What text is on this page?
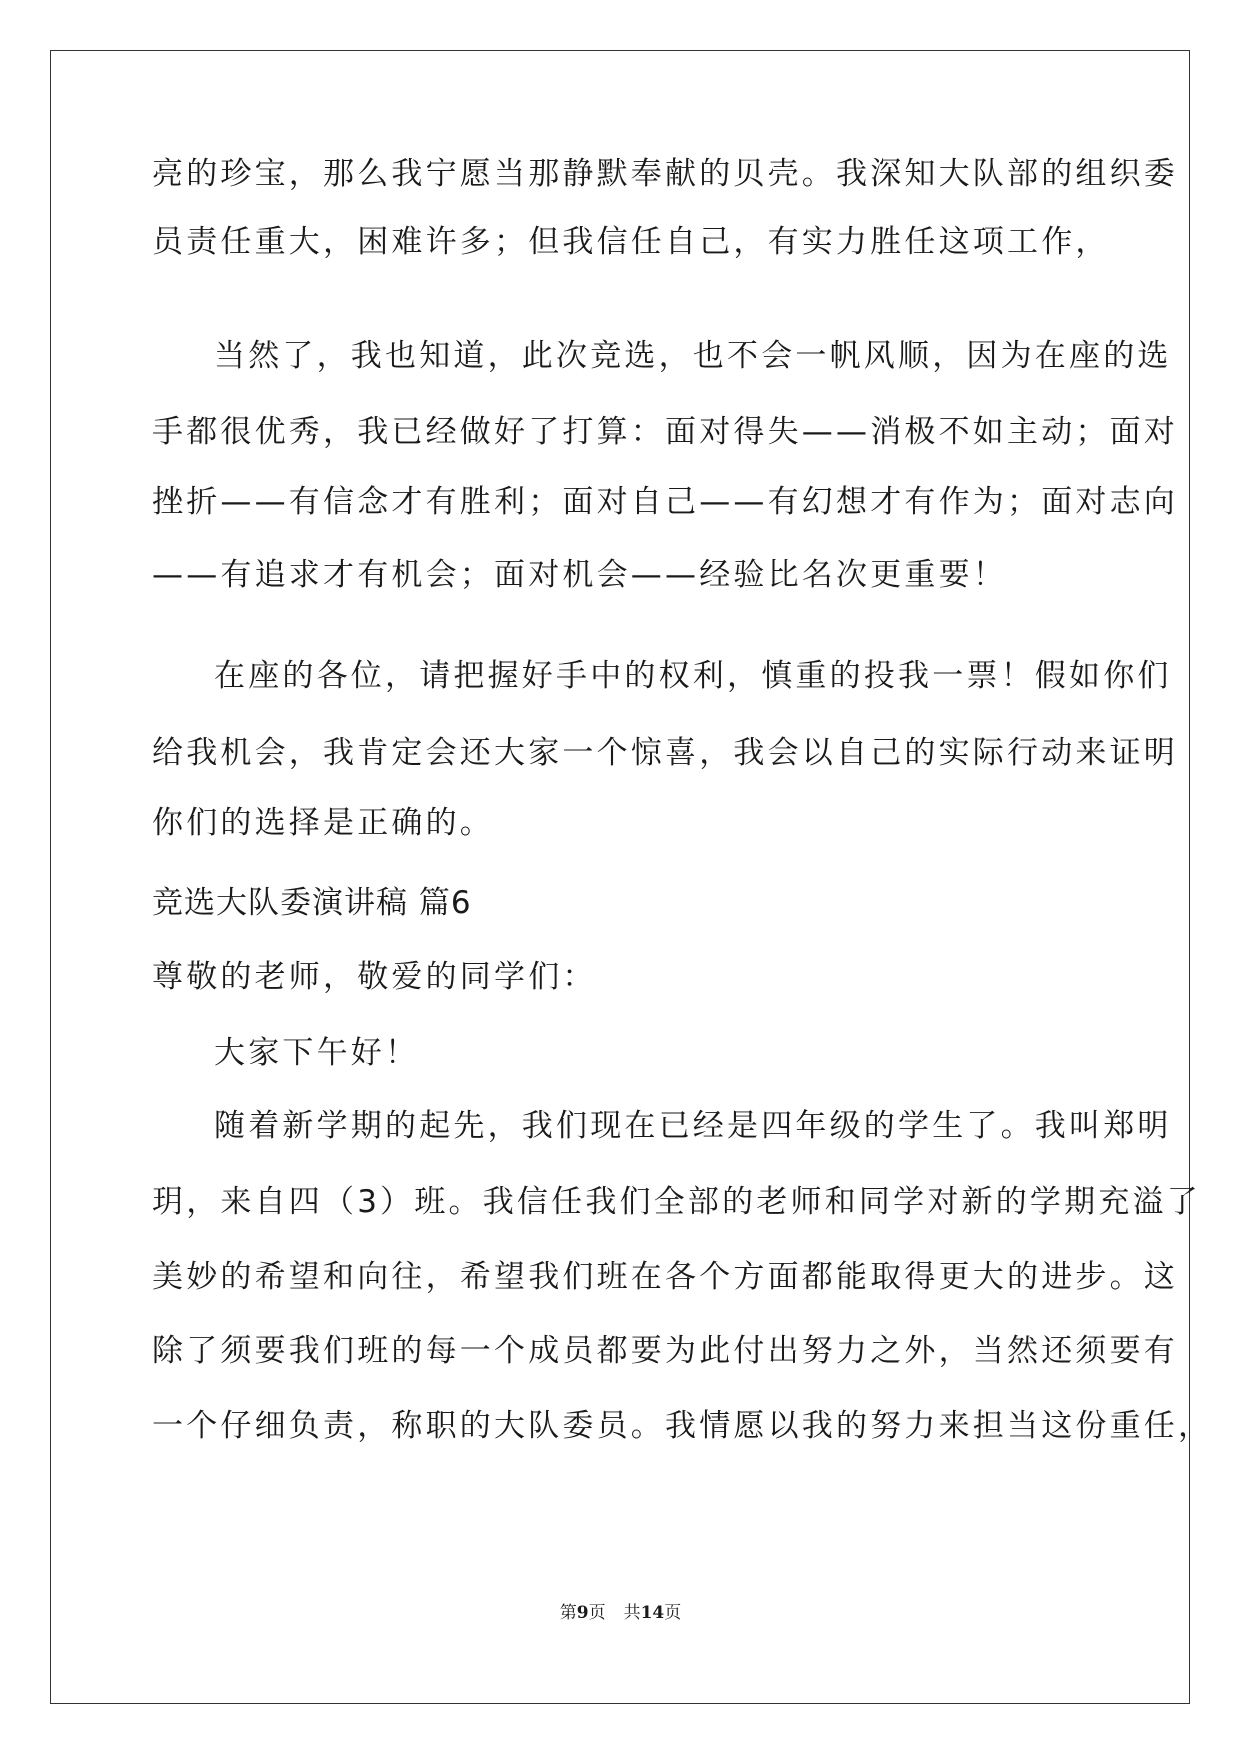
亮的珍宝，那么我宁愿当那静默奉献的贝壳。我深知大队部的组织委
员责任重大，困难许多；但我信任自己，有实力胜任这项工作，
当然了，我也知道，此次竞选，也不会一帆风顺，因为在座的选
手都很优秀，我已经做好了打算：面对得失——消极不如主动；面对
挫折——有信念才有胜利；面对自己——有幻想才有作为；面对志向
——有追求才有机会；面对机会——经验比名次更重要！
在座的各位，请把握好手中的权利，慎重的投我一票！假如你们
给我机会，我肯定会还大家一个惊喜，我会以自己的实际行动来证明
你们的选择是正确的。
竞选大队委演讲稿 篇6
尊敬的老师，敬爱的同学们：
大家下午好！
随着新学期的起先，我们现在已经是四年级的学生了。我叫郑明
玥，来自四（3）班。我信任我们全部的老师和同学对新的学期充溢了
美妙的希望和向往，希望我们班在各个方面都能取得更大的进步。这
除了须要我们班的每一个成员都要为此付出努力之外，当然还须要有
一个仔细负责，称职的大队委员。我情愿以我的努力来担当这份重任，
第9页 共14页
